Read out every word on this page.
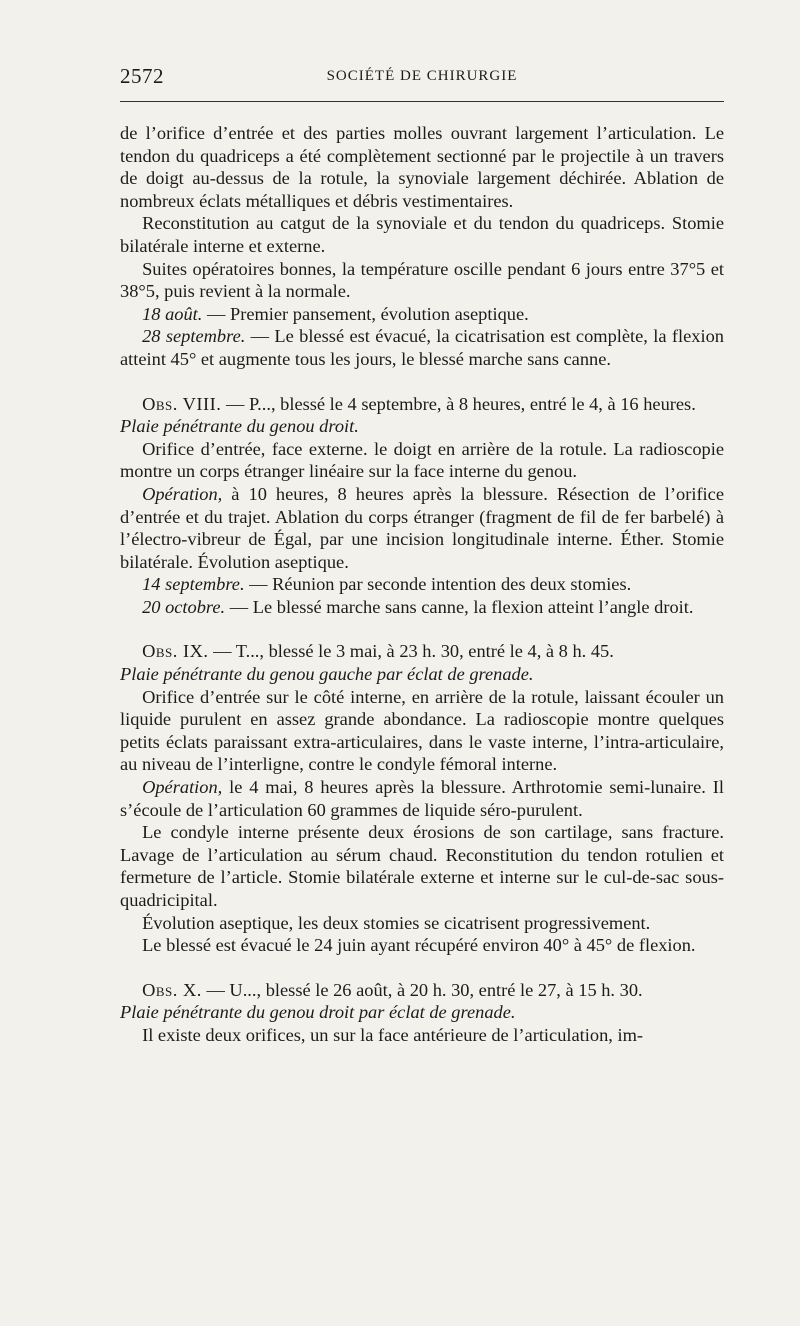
2572	SOCIÉTÉ DE CHIRURGIE

de l’orifice d’entrée et des parties molles ouvrant largement l’articulation. Le tendon du quadriceps a été complètement sectionné par le projectile à un travers de doigt au-dessus de la rotule, la synoviale largement déchirée. Ablation de nombreux éclats métalliques et débris vestimentaires.

Reconstitution au catgut de la synoviale et du tendon du quadriceps. Stomie bilatérale interne et externe.

Suites opératoires bonnes, la température oscille pendant 6 jours entre 37°5 et 38°5, puis revient à la normale.

18 août. — Premier pansement, évolution aseptique.

28 septembre. — Le blessé est évacué, la cicatrisation est complète, la flexion atteint 45° et augmente tous les jours, le blessé marche sans canne.

Obs. VIII. — P..., blessé le 4 septembre, à 8 heures, entré le 4, à 16 heures.

Plaie pénétrante du genou droit.

Orifice d’entrée, face externe. le doigt en arrière de la rotule. La radioscopie montre un corps étranger linéaire sur la face interne du genou.

Opération, à 10 heures, 8 heures après la blessure. Résection de l’orifice d’entrée et du trajet. Ablation du corps étranger (fragment de fil de fer barbelé) à l’électro-vibreur de Égal, par une incision longitudinale interne. Éther. Stomie bilatérale. Évolution aseptique.

14 septembre. — Réunion par seconde intention des deux stomies.

20 octobre. — Le blessé marche sans canne, la flexion atteint l’angle droit.

Obs. IX. — T..., blessé le 3 mai, à 23 h. 30, entré le 4, à 8 h. 45.

Plaie pénétrante du genou gauche par éclat de grenade.

Orifice d’entrée sur le côté interne, en arrière de la rotule, laissant écouler un liquide purulent en assez grande abondance. La radioscopie montre quelques petits éclats paraissant extra-articulaires, dans le vaste interne, l’intra-articulaire, au niveau de l’interligne, contre le condyle fémoral interne.

Opération, le 4 mai, 8 heures après la blessure. Arthrotomie semi-lunaire. Il s’écoule de l’articulation 60 grammes de liquide séro-purulent.

Le condyle interne présente deux érosions de son cartilage, sans fracture. Lavage de l’articulation au sérum chaud. Reconstitution du tendon rotulien et fermeture de l’article. Stomie bilatérale externe et interne sur le cul-de-sac sous-quadricipital.

Évolution aseptique, les deux stomies se cicatrisent progressivement.

Le blessé est évacué le 24 juin ayant récupéré environ 40° à 45° de flexion.

Obs. X. — U..., blessé le 26 août, à 20 h. 30, entré le 27, à 15 h. 30.

Plaie pénétrante du genou droit par éclat de grenade.

Il existe deux orifices, un sur la face antérieure de l’articulation, im-
